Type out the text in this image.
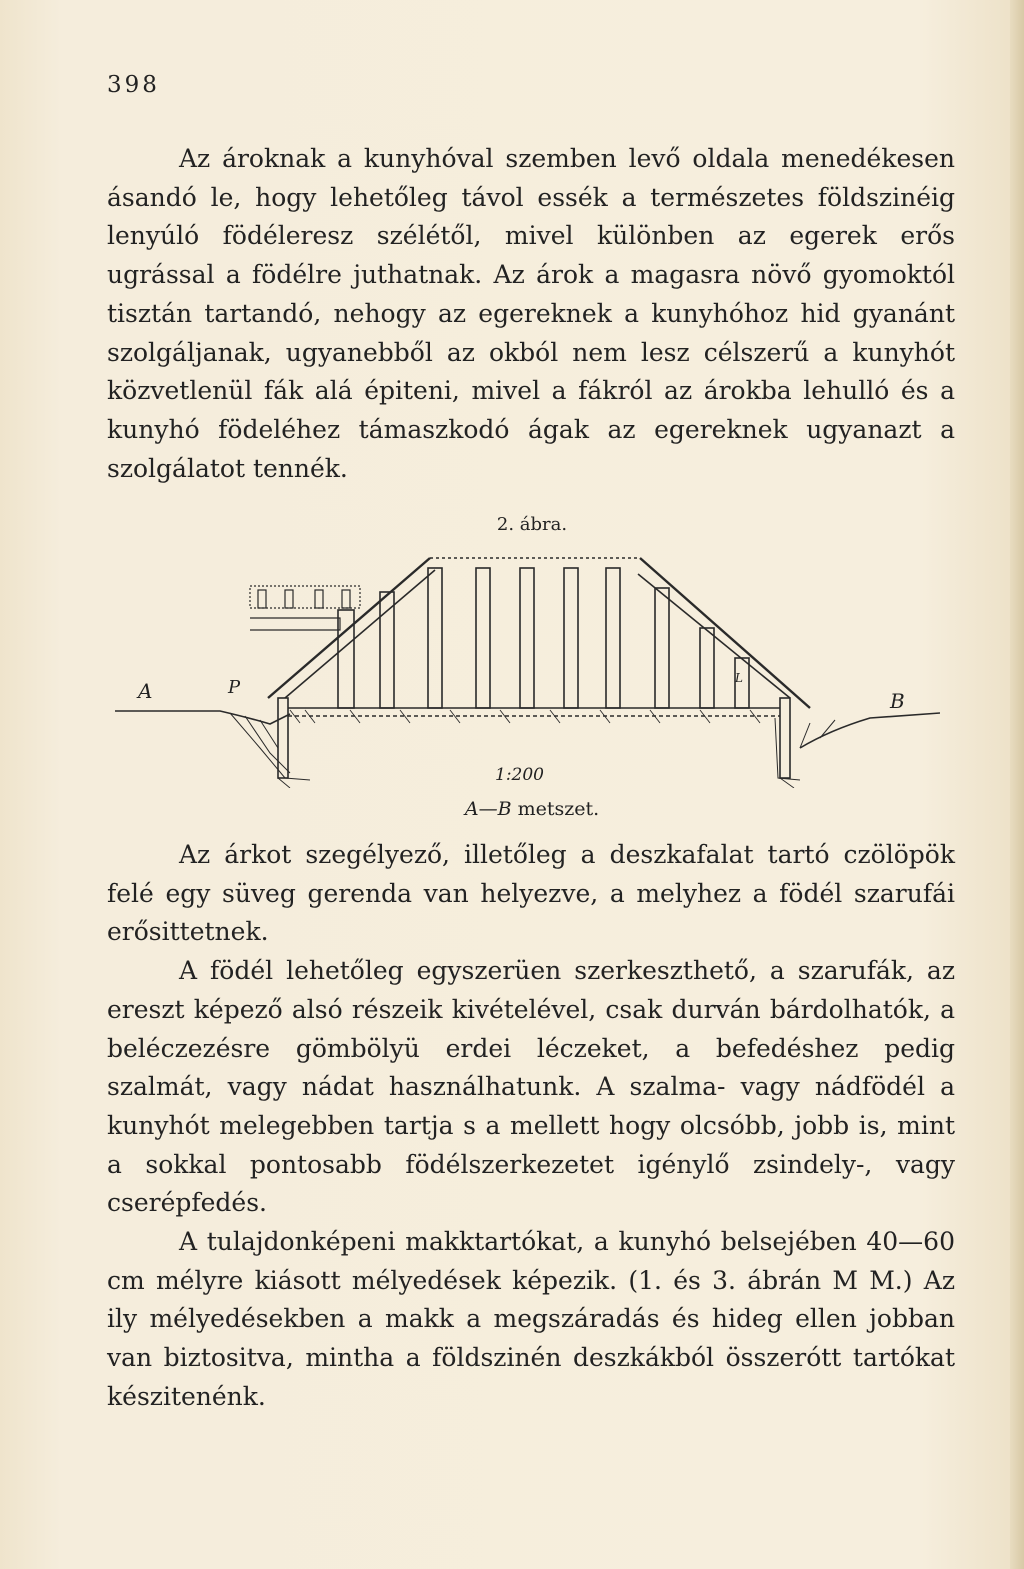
398

Az ároknak a kunyhóval szemben levő oldala menedékesen ásandó le, hogy lehetőleg távol essék a természetes földszinéig lenyúló födéleresz szélétől, mivel különben az egerek erős ugrással a födélre juthatnak. Az árok a magasra növő gyomoktól tisztán tartandó, nehogy az egereknek a kunyhóhoz hid gyanánt szolgáljanak, ugyanebből az okból nem lesz célszerű a kunyhót közvetlenül fák alá épiteni, mivel a fákról az árokba lehulló és a kunyhó födeléhez támaszkodó ágak az egereknek ugyanazt a szolgálatot tennék.

2. ábra.
A	P
B
L
1:200
A—B metszet.

Az árkot szegélyező, illetőleg a deszkafalat tartó czölöpök felé egy süveg gerenda van helyezve, a melyhez a födél szarufái erősittetnek.

A födél lehetőleg egyszerüen szerkeszthető, a szarufák, az ereszt képező alsó részeik kivételével, csak durván bárdolhatók, a beléczezésre gömbölyü erdei léczeket, a befedéshez pedig szalmát, vagy nádat használhatunk. A szalma- vagy nádfödél a kunyhót melegebben tartja s a mellett hogy olcsóbb, jobb is, mint a sokkal pontosabb födélszerkezetet igénylő zsindely-, vagy cserépfedés.

A tulajdonképeni makktartókat, a kunyhó belsejében 40—60 cm mélyre kiásott mélyedések képezik. (1. és 3. ábrán M M.) Az ily mélyedésekben a makk a megszáradás és hideg ellen jobban van biztositva, mintha a földszinén deszkákból összerótt tartókat készitenénk.
